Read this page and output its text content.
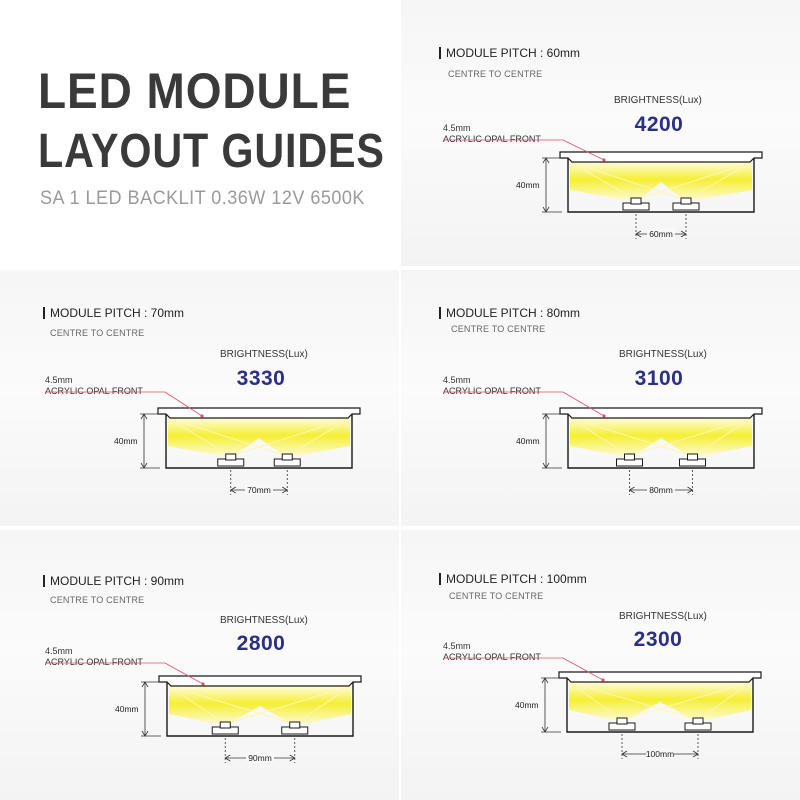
LED MODULE
LAYOUT GUIDES
SA 1 LED BACKLIT 0.36W 12V 6500K
MODULE PITCH : 60mm
CENTRE TO CENTRE
BRIGHTNESS(Lux)
4200
4.5mm
ACRYLIC OPAL FRONT
40mm
60mm
MODULE PITCH : 70mm
CENTRE TO CENTRE
BRIGHTNESS(Lux)
3330
4.5mm
ACRYLIC OPAL FRONT
40mm
70mm
MODULE PITCH : 80mm
CENTRE TO CENTRE
BRIGHTNESS(Lux)
3100
4.5mm
ACRYLIC OPAL FRONT
40mm
80mm
MODULE PITCH : 90mm
CENTRE TO CENTRE
BRIGHTNESS(Lux)
2800
4.5mm
ACRYLIC OPAL FRONT
40mm
90mm
MODULE PITCH : 100mm
CENTRE TO CENTRE
BRIGHTNESS(Lux)
2300
4.5mm
ACRYLIC OPAL FRONT
40mm
100mm
